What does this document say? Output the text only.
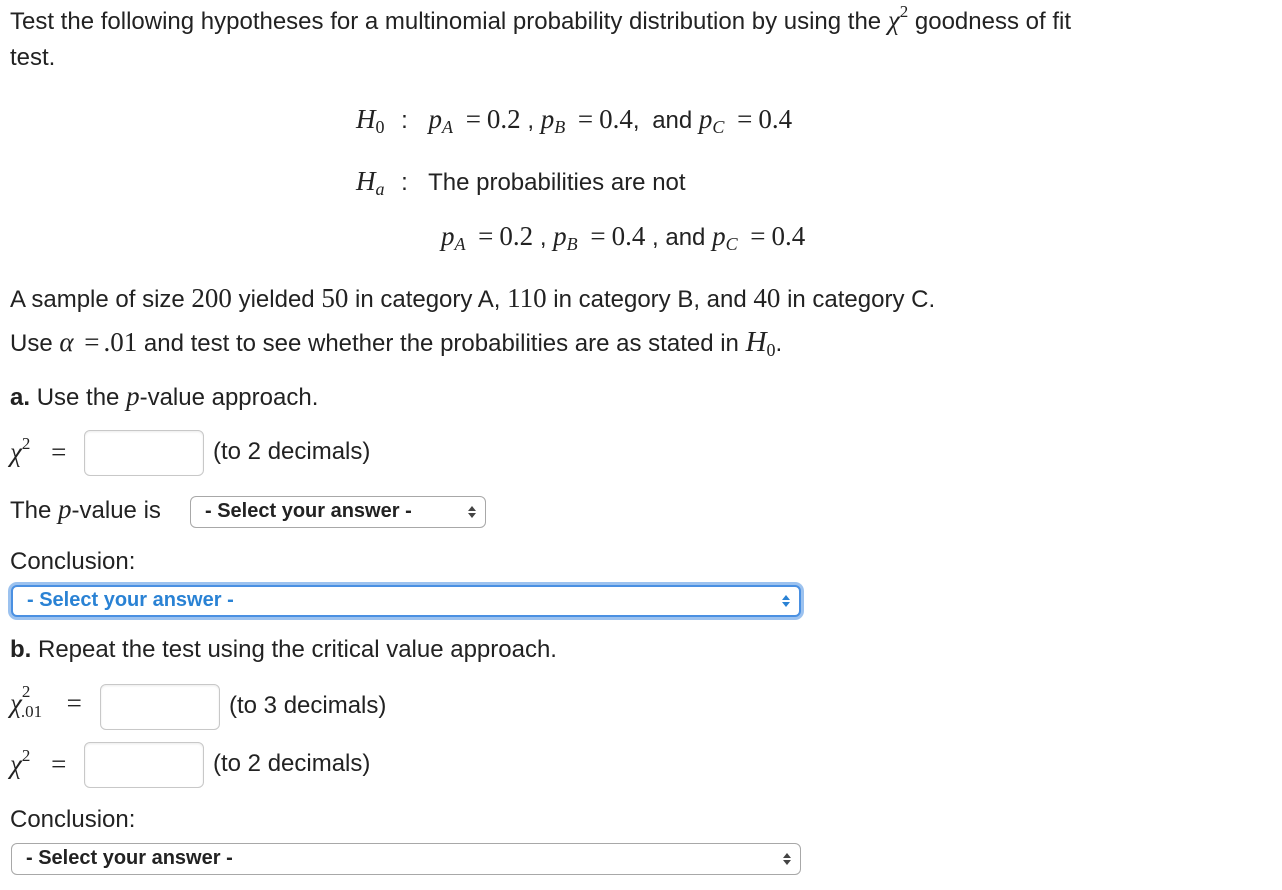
Test the following hypotheses for a multinomial probability distribution by using the $\chi^2$ goodness of fit
test.
$H_0$ : $p_A = 0.2$ , $p_B = 0.4$, and $p_C = 0.4$
$H_a$ : The probabilities are not
$p_A = 0.2$ , $p_B = 0.4$ , and $p_C = 0.4$
A sample of size 200 yielded 50 in category A, 110 in category B, and 40 in category C.
Use α = .01 and test to see whether the probabilities are as stated in $H_0$.
a. Use the p-value approach.
$\chi^2$ =	(to 2 decimals)
The p-value is - Select your answer -
Conclusion:
- Select your answer -
b. Repeat the test using the critical value approach.
χ 2
.01 =	(to 3 decimals)
$\chi^2$ =	(to 2 decimals)
Conclusion:
- Select your answer -
